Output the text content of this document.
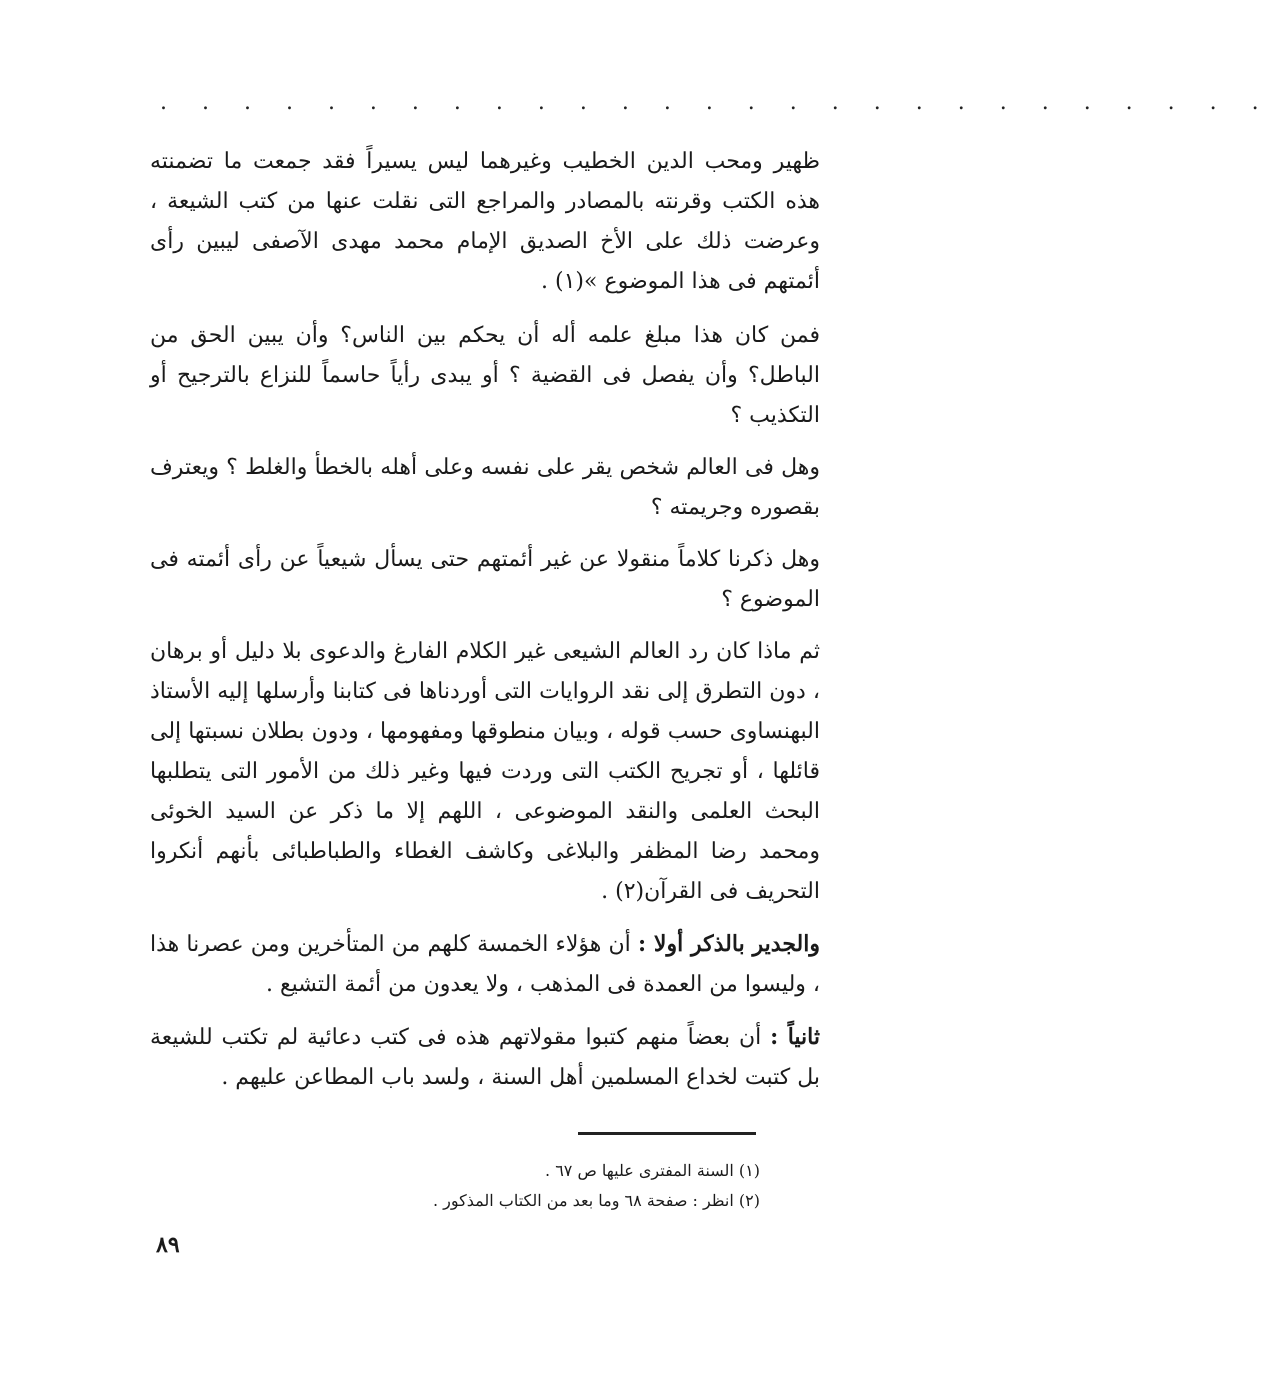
. . . . . . . . . . . . . . . . . . . . . . . . . . .

ظهير ومحب الدين الخطيب وغيرهما ليس يسيراً فقد جمعت ما تضمنته هذه الكتب وقرنته بالمصادر والمراجع التى نقلت عنها من كتب الشيعة ، وعرضت ذلك على الأخ الصديق الإمام محمد مهدى الآصفى ليبين رأى أئمتهم فى هذا الموضوع »(١) .

فمن كان هذا مبلغ علمه أله أن يحكم بين الناس؟ وأن يبين الحق من الباطل؟ وأن يفصل فى القضية ؟ أو يبدى رأياً حاسماً للنزاع بالترجيح أو التكذيب ؟

وهل فى العالم شخص يقر على نفسه وعلى أهله بالخطأ والغلط ؟ ويعترف بقصوره وجريمته ؟

وهل ذكرنا كلاماً منقولا عن غير أئمتهم حتى يسأل شيعياً عن رأى أئمته فى الموضوع ؟

ثم ماذا كان رد العالم الشيعى غير الكلام الفارغ والدعوى بلا دليل أو برهان ، دون التطرق إلى نقد الروايات التى أوردناها فى كتابنا وأرسلها إليه الأستاذ البهنساوى حسب قوله ، وبيان منطوقها ومفهومها ، ودون بطلان نسبتها إلى قائلها ، أو تجريح الكتب التى وردت فيها وغير ذلك من الأمور التى يتطلبها البحث العلمى والنقد الموضوعى ، اللهم إلا ما ذكر عن السيد الخوئى ومحمد رضا المظفر والبلاغى وكاشف الغطاء والطباطبائى بأنهم أنكروا التحريف فى القرآن(٢) .

والجدير بالذكر أولا : أن هؤلاء الخمسة كلهم من المتأخرين ومن عصرنا هذا ، وليسوا من العمدة فى المذهب ، ولا يعدون من أئمة التشيع .

ثانياً : أن بعضاً منهم كتبوا مقولاتهم هذه فى كتب دعائية لم تكتب للشيعة بل كتبت لخداع المسلمين أهل السنة ، ولسد باب المطاعن عليهم .

(١) السنة المفترى عليها ص ٦٧ .

(٢) انظر : صفحة ٦٨ وما بعد من الكتاب المذكور .

٨٩
